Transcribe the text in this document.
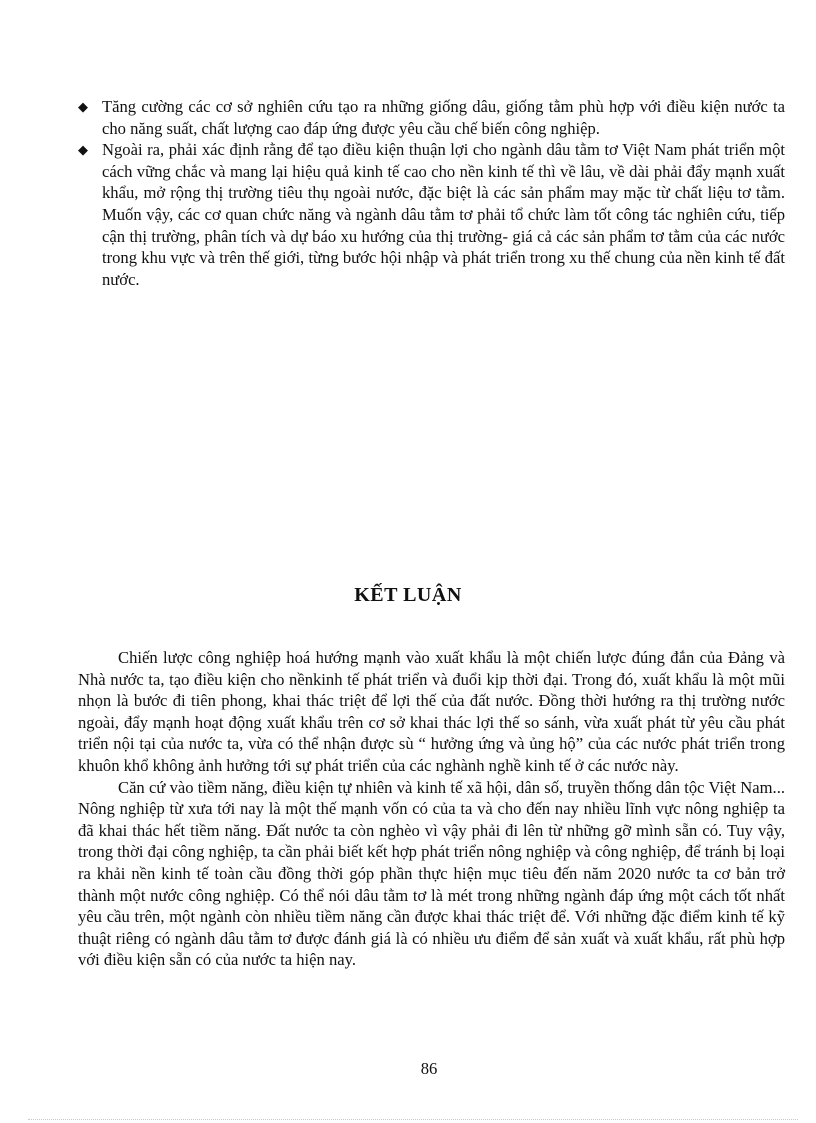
◆ Tăng cường các cơ sở nghiên cứu tạo ra những giống dâu, giống tằm phù hợp với điều kiện nước ta cho năng suất, chất lượng cao đáp ứng được yêu cầu chế biến công nghiệp.
◆ Ngoài ra, phải xác định rằng để tạo điều kiện thuận lợi cho ngành dâu tằm tơ Việt Nam phát triển một cách vững chắc và mang lại hiệu quả kinh tế cao cho nền kinh tế thì về lâu, về dài phải đẩy mạnh xuất khẩu, mở rộng thị trường tiêu thụ ngoài nước, đặc biệt là các sản phẩm may mặc từ chất liệu tơ tằm. Muốn vậy, các cơ quan chức năng và ngành dâu tằm tơ phải tổ chức làm tốt công tác nghiên cứu, tiếp cận thị trường, phân tích và dự báo xu hướng của thị trường- giá cả các sản phẩm tơ tằm của các nước trong khu vực và trên thế giới, từng bước hội nhập và phát triển trong xu thế chung của nền kinh tế đất nước.
KẾT LUẬN

Chiến lược công nghiệp hoá hướng mạnh vào xuất khẩu là một chiến lược đúng đắn của Đảng và Nhà nước ta, tạo điều kiện cho nềnkinh tế phát triển và đuổi kịp thời đại. Trong đó, xuất khẩu là một mũi nhọn là bước đi tiên phong, khai thác triệt để lợi thế của đất nước. Đồng thời hướng ra thị trường nước ngoài, đẩy mạnh hoạt động xuất khẩu trên cơ sở khai thác lợi thế so sánh, vừa xuất phát từ yêu cầu phát triển nội tại của nước ta, vừa có thể nhận được sù “ hưởng ứng và ủng hộ” của các nước phát triển trong khuôn khổ không ảnh hưởng tới sự phát triển của các nghành nghề kinh tế ở các nước này.

Căn cứ vào tiềm năng, điều kiện tự nhiên và kinh tế xã hội, dân số, truyền thống dân tộc Việt Nam... Nông nghiệp từ xưa tới nay là một thế mạnh vốn có của ta và cho đến nay nhiều lĩnh vực nông nghiệp ta đã khai thác hết tiềm năng. Đất nước ta còn nghèo vì vậy phải đi lên từ những gỡ mình sẵn có. Tuy vậy, trong thời đại công nghiệp, ta cần phải biết kết hợp phát triển nông nghiệp và công nghiệp, để tránh bị loại ra khải nền kinh tế toàn cầu đồng thời góp phần thực hiện mục tiêu đến năm 2020 nước ta cơ bản trở thành một nước công nghiệp. Có thể nói dâu tằm tơ là mét trong những ngành đáp ứng một cách tốt nhất yêu cầu trên, một ngành còn nhiều tiềm năng cần được khai thác triệt để. Với những đặc điểm kinh tế kỹ thuật riêng có ngành dâu tằm tơ được đánh giá là có nhiều ưu điểm để sản xuất và xuất khẩu, rất phù hợp với điều kiện sẵn có của nước ta hiện nay.

86
